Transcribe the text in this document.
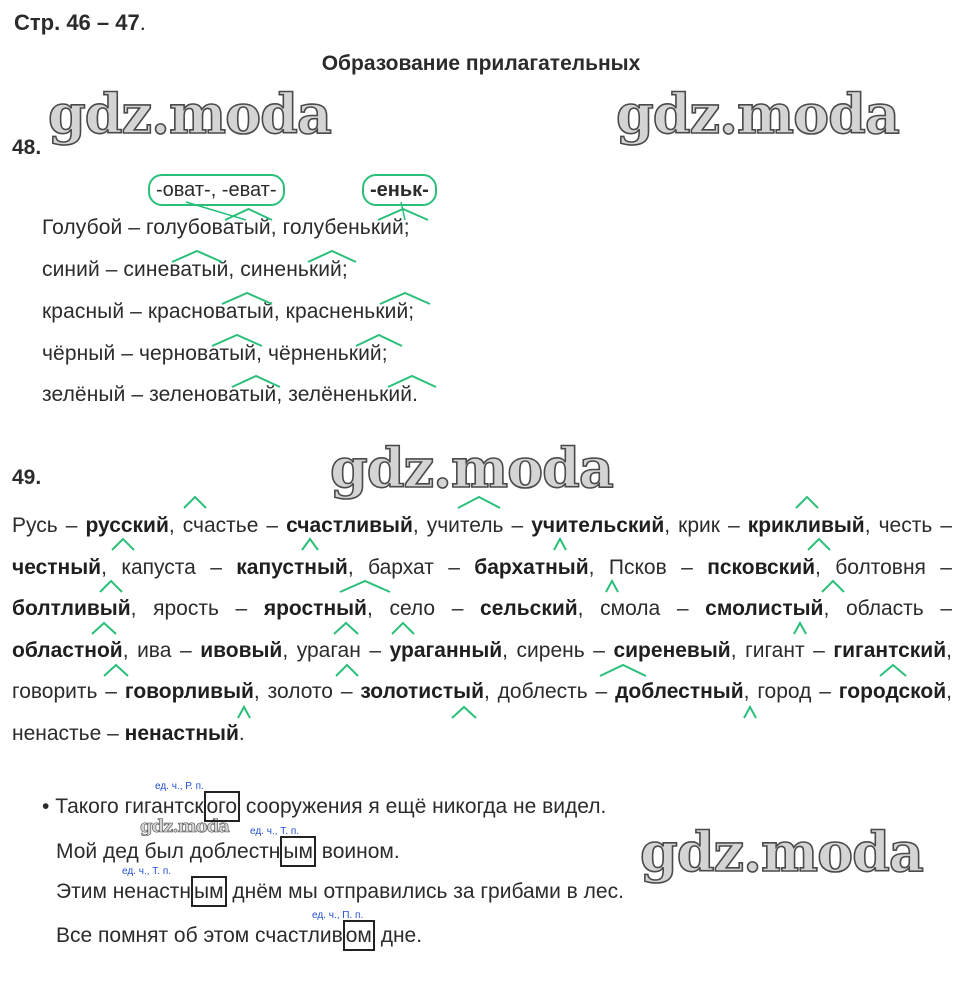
Стр. 46 – 47.
Образование прилагательных
gdz.moda	gdz.moda
gdz.moda
gdz.moda	gdz.moda
48.
-оват-, -еват-	-еньк-
Голубой – голубоватый, голубенький;
синий – синеватый, синенький;
красный – красноватый, красненький;
чёрный – черноватый, чёрненький;
зелёный – зеленоватый, зелёненький.
49.
Русь – русский, счастье – счастливый, учитель – учительский, крик – крикливый, честь – честный, капуста – капустный, бархат – бархатный, Псков – псковский, болтовня – болтливый, ярость – яростный, село – сельский, смола – смолистый, область – областной, ива – ивовый, ураган – ураганный, сирень – сиреневый, гигант – гигантский, говорить – говорливый, золото – золотистый, доблесть – доблестный, город – городской, ненастье – ненастный.
• Такого гигантск ого сооружения я ещё никогда не видел.
ед. ч., Р. п.
Мой дед был доблестн ым воином.
ед. ч., Т. п.
Этим ненастн ым днём мы отправились за грибами в лес.
ед. ч., Т. п.
Все помнят об этом счастлив ом дне.
ед. ч., П. п.
